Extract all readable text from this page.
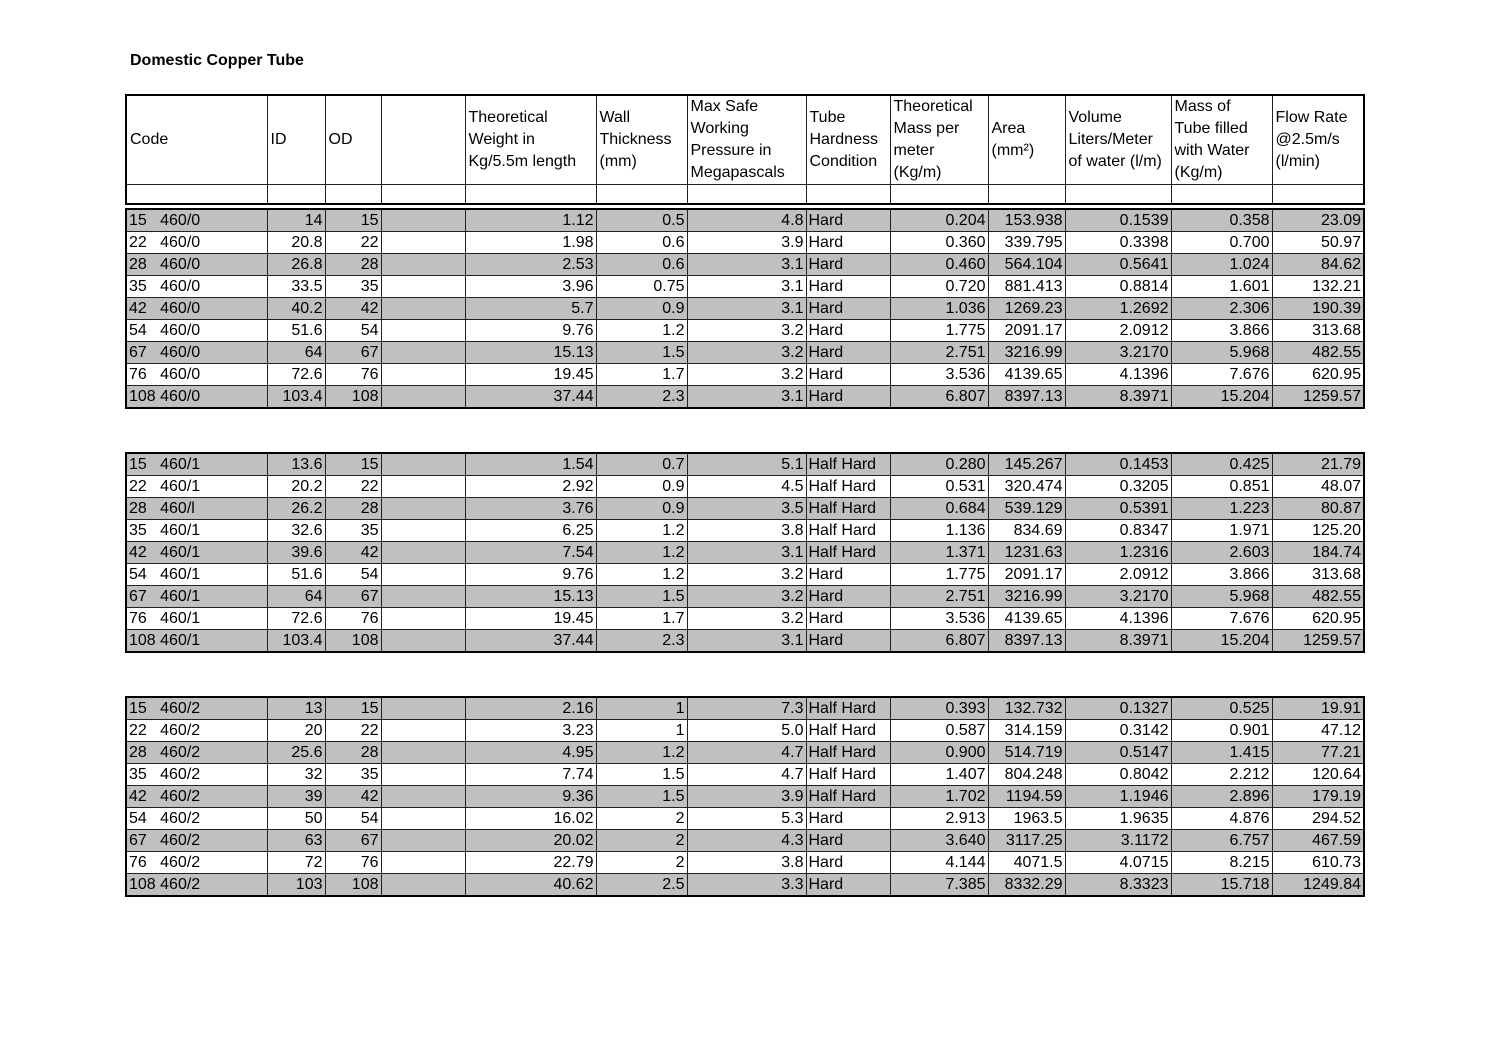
Domestic Copper Tube
Code	ID	OD		Theoretical Weight in Kg/5.5m length	Wall Thickness (mm)	Max Safe Working Pressure in Megapascals	Tube Hardness Condition	Theoretical Mass per meter (Kg/m)	Area (mm²)	Volume Liters/Meter of water (l/m)	Mass of Tube filled with Water (Kg/m)	Flow Rate @2.5m/s (l/min)

15   460/0	14	15		1.12	0.5	4.8	Hard	0.204	153.938	0.1539	0.358	23.09
22   460/0	20.8	22		1.98	0.6	3.9	Hard	0.360	339.795	0.3398	0.700	50.97
28   460/0	26.8	28		2.53	0.6	3.1	Hard	0.460	564.104	0.5641	1.024	84.62
35   460/0	33.5	35		3.96	0.75	3.1	Hard	0.720	881.413	0.8814	1.601	132.21
42   460/0	40.2	42		5.7	0.9	3.1	Hard	1.036	1269.23	1.2692	2.306	190.39
54   460/0	51.6	54		9.76	1.2	3.2	Hard	1.775	2091.17	2.0912	3.866	313.68
67   460/0	64	67		15.13	1.5	3.2	Hard	2.751	3216.99	3.2170	5.968	482.55
76   460/0	72.6	76		19.45	1.7	3.2	Hard	3.536	4139.65	4.1396	7.676	620.95
108 460/0	103.4	108		37.44	2.3	3.1	Hard	6.807	8397.13	8.3971	15.204	1259.57
15   460/1	13.6	15		1.54	0.7	5.1	Half Hard	0.280	145.267	0.1453	0.425	21.79
22   460/1	20.2	22		2.92	0.9	4.5	Half Hard	0.531	320.474	0.3205	0.851	48.07
28   460/l	26.2	28		3.76	0.9	3.5	Half Hard	0.684	539.129	0.5391	1.223	80.87
35   460/1	32.6	35		6.25	1.2	3.8	Half Hard	1.136	834.69	0.8347	1.971	125.20
42   460/1	39.6	42		7.54	1.2	3.1	Half Hard	1.371	1231.63	1.2316	2.603	184.74
54   460/1	51.6	54		9.76	1.2	3.2	Hard	1.775	2091.17	2.0912	3.866	313.68
67   460/1	64	67		15.13	1.5	3.2	Hard	2.751	3216.99	3.2170	5.968	482.55
76   460/1	72.6	76		19.45	1.7	3.2	Hard	3.536	4139.65	4.1396	7.676	620.95
108 460/1	103.4	108		37.44	2.3	3.1	Hard	6.807	8397.13	8.3971	15.204	1259.57
15   460/2	13	15		2.16	1	7.3	Half Hard	0.393	132.732	0.1327	0.525	19.91
22   460/2	20	22		3.23	1	5.0	Half Hard	0.587	314.159	0.3142	0.901	47.12
28   460/2	25.6	28		4.95	1.2	4.7	Half Hard	0.900	514.719	0.5147	1.415	77.21
35   460/2	32	35		7.74	1.5	4.7	Half Hard	1.407	804.248	0.8042	2.212	120.64
42   460/2	39	42		9.36	1.5	3.9	Half Hard	1.702	1194.59	1.1946	2.896	179.19
54   460/2	50	54		16.02	2	5.3	Hard	2.913	1963.5	1.9635	4.876	294.52
67   460/2	63	67		20.02	2	4.3	Hard	3.640	3117.25	3.1172	6.757	467.59
76   460/2	72	76		22.79	2	3.8	Hard	4.144	4071.5	4.0715	8.215	610.73
108 460/2	103	108		40.62	2.5	3.3	Hard	7.385	8332.29	8.3323	15.718	1249.84
